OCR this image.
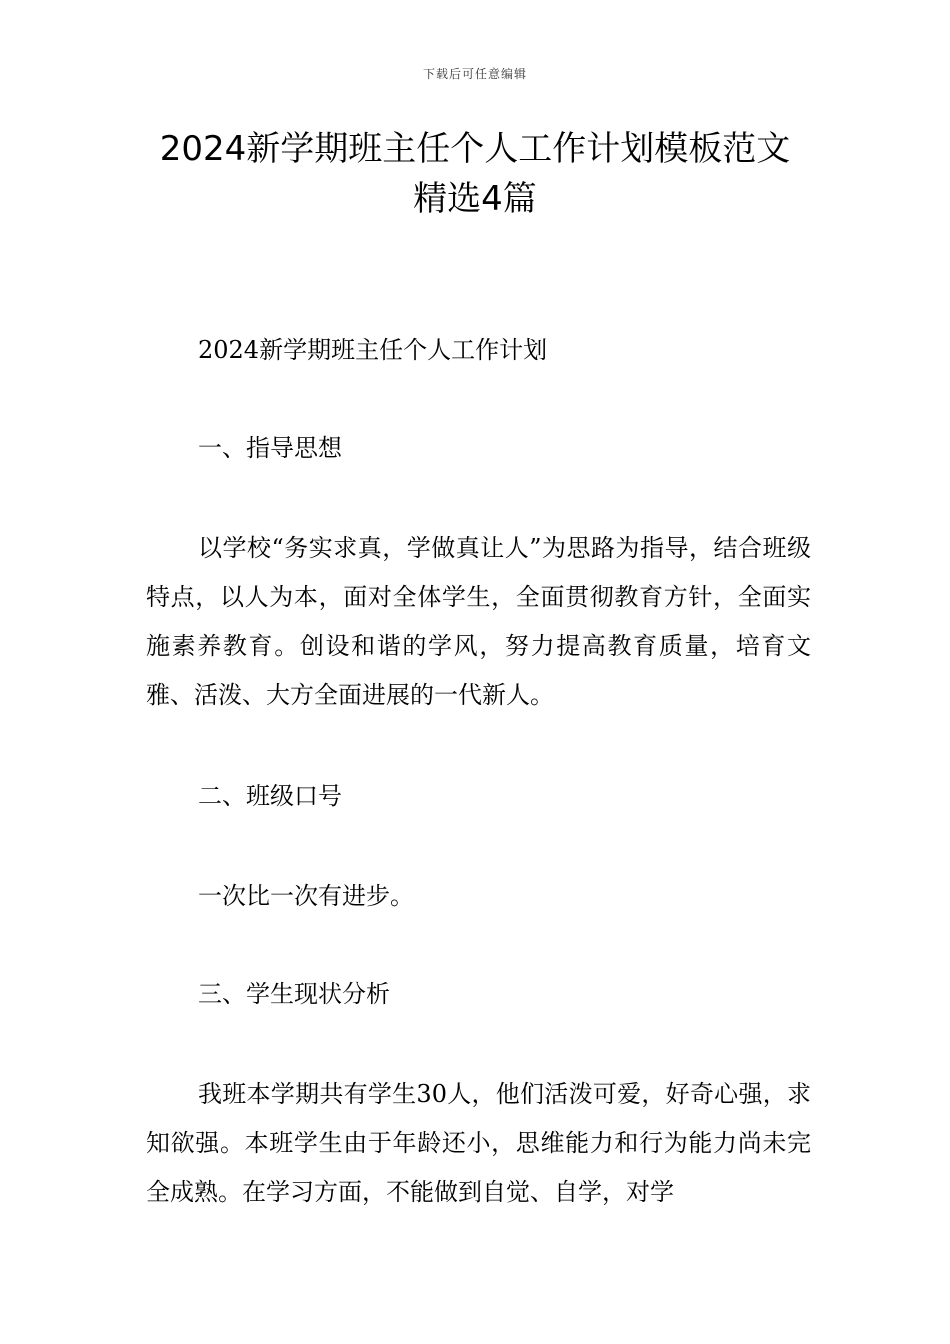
下载后可任意编辑
2024新学期班主任个人工作计划模板范文
精选4篇

2024新学期班主任个人工作计划

一、指导思想

以学校“务实求真，学做真让人”为思路为指导，结合班级特点，以人为本，面对全体学生，全面贯彻教育方针，全面实施素养教育。创设和谐的学风，努力提高教育质量，培育文雅、活泼、大方全面进展的一代新人。

二、班级口号

一次比一次有进步。

三、学生现状分析

我班本学期共有学生30人，他们活泼可爱，好奇心强，求知欲强。本班学生由于年龄还小，思维能力和行为能力尚未完全成熟。在学习方面，不能做到自觉、自学，对学
